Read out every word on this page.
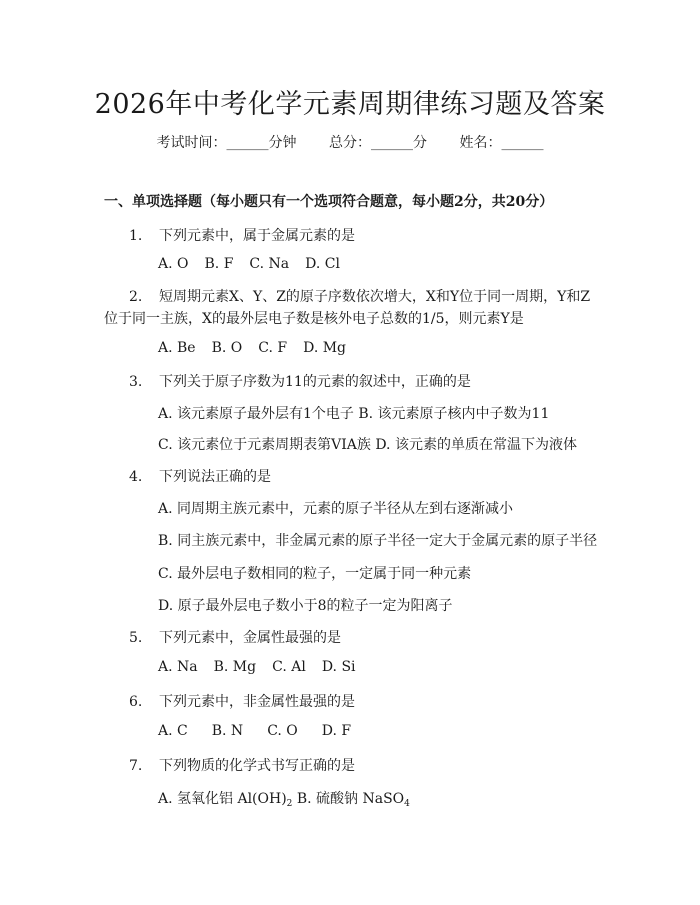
2026年中考化学元素周期律练习题及答案
考试时间：______分钟 总分：______分 姓名：______
一、单项选择题（每小题只有一个选项符合题意，每小题2分，共20分）
1. 下列元素中，属于金属元素的是
A. O B. F C. Na D. Cl
2. 短周期元素X、Y、Z的原子序数依次增大，X和Y位于同一周期，Y和Z
位于同一主族，X的最外层电子数是核外电子总数的1/5，则元素Y是
A. Be B. O C. F D. Mg
3. 下列关于原子序数为11的元素的叙述中，正确的是
A. 该元素原子最外层有1个电子 B. 该元素原子核内中子数为11
C. 该元素位于元素周期表第VIA族 D. 该元素的单质在常温下为液体
4. 下列说法正确的是
A. 同周期主族元素中，元素的原子半径从左到右逐渐减小
B. 同主族元素中，非金属元素的原子半径一定大于金属元素的原子半径
C. 最外层电子数相同的粒子，一定属于同一种元素
D. 原子最外层电子数小于8的粒子一定为阳离子
5. 下列元素中，金属性最强的是
A. Na B. Mg C. Al D. Si
6. 下列元素中，非金属性最强的是
A. C B. N C. O D. F
7. 下列物质的化学式书写正确的是
A. 氢氧化铝 $Al(OH)_2$ B. 硫酸钠 NaSO$_4$
